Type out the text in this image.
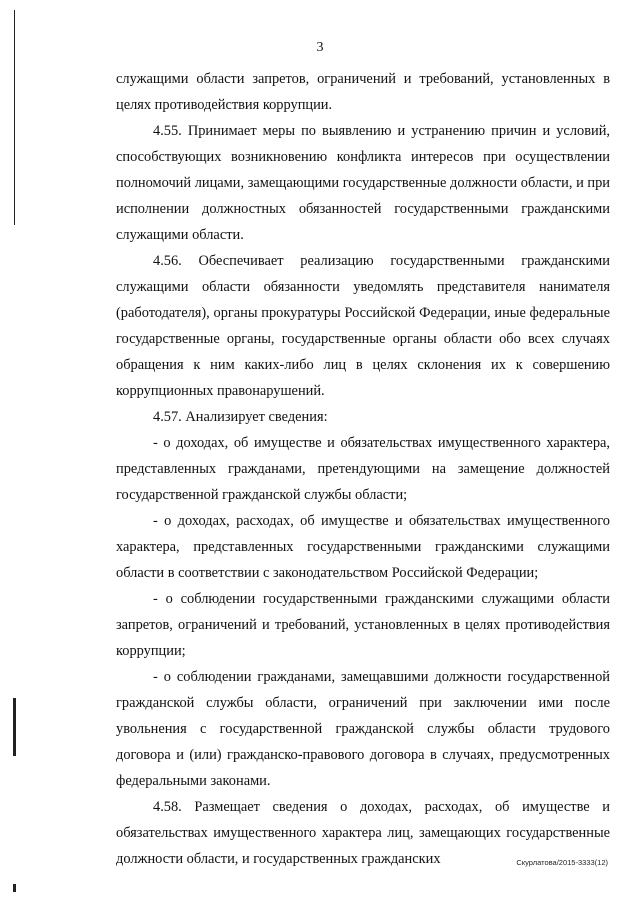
3

служащими области запретов, ограничений и требований, установленных в целях противодействия коррупции.

4.55. Принимает меры по выявлению и устранению причин и условий, способствующих возникновению конфликта интересов при осуществлении полномочий лицами, замещающими государственные должности области, и при исполнении должностных обязанностей государственными гражданскими служащими области.

4.56. Обеспечивает реализацию государственными гражданскими служащими области обязанности уведомлять представителя нанимателя (работодателя), органы прокуратуры Российской Федерации, иные федеральные государственные органы, государственные органы области обо всех случаях обращения к ним каких-либо лиц в целях склонения их к совершению коррупционных правонарушений.

4.57. Анализирует сведения:

- о доходах, об имуществе и обязательствах имущественного характера, представленных гражданами, претендующими на замещение должностей государственной гражданской службы области;

- о доходах, расходах, об имуществе и обязательствах имущественного характера, представленных государственными гражданскими служащими области в соответствии с законодательством Российской Федерации;

- о соблюдении государственными гражданскими служащими области запретов, ограничений и требований, установленных в целях противодействия коррупции;

- о соблюдении гражданами, замещавшими должности государственной гражданской службы области, ограничений при заключении ими после увольнения с государственной гражданской службы области трудового договора и (или) гражданско-правового договора в случаях, предусмотренных федеральными законами.

4.58. Размещает сведения о доходах, расходах, об имуществе и обязательствах имущественного характера лиц, замещающих государственные должности области, и государственных гражданских	Скурлатова/2015-3333(12)
